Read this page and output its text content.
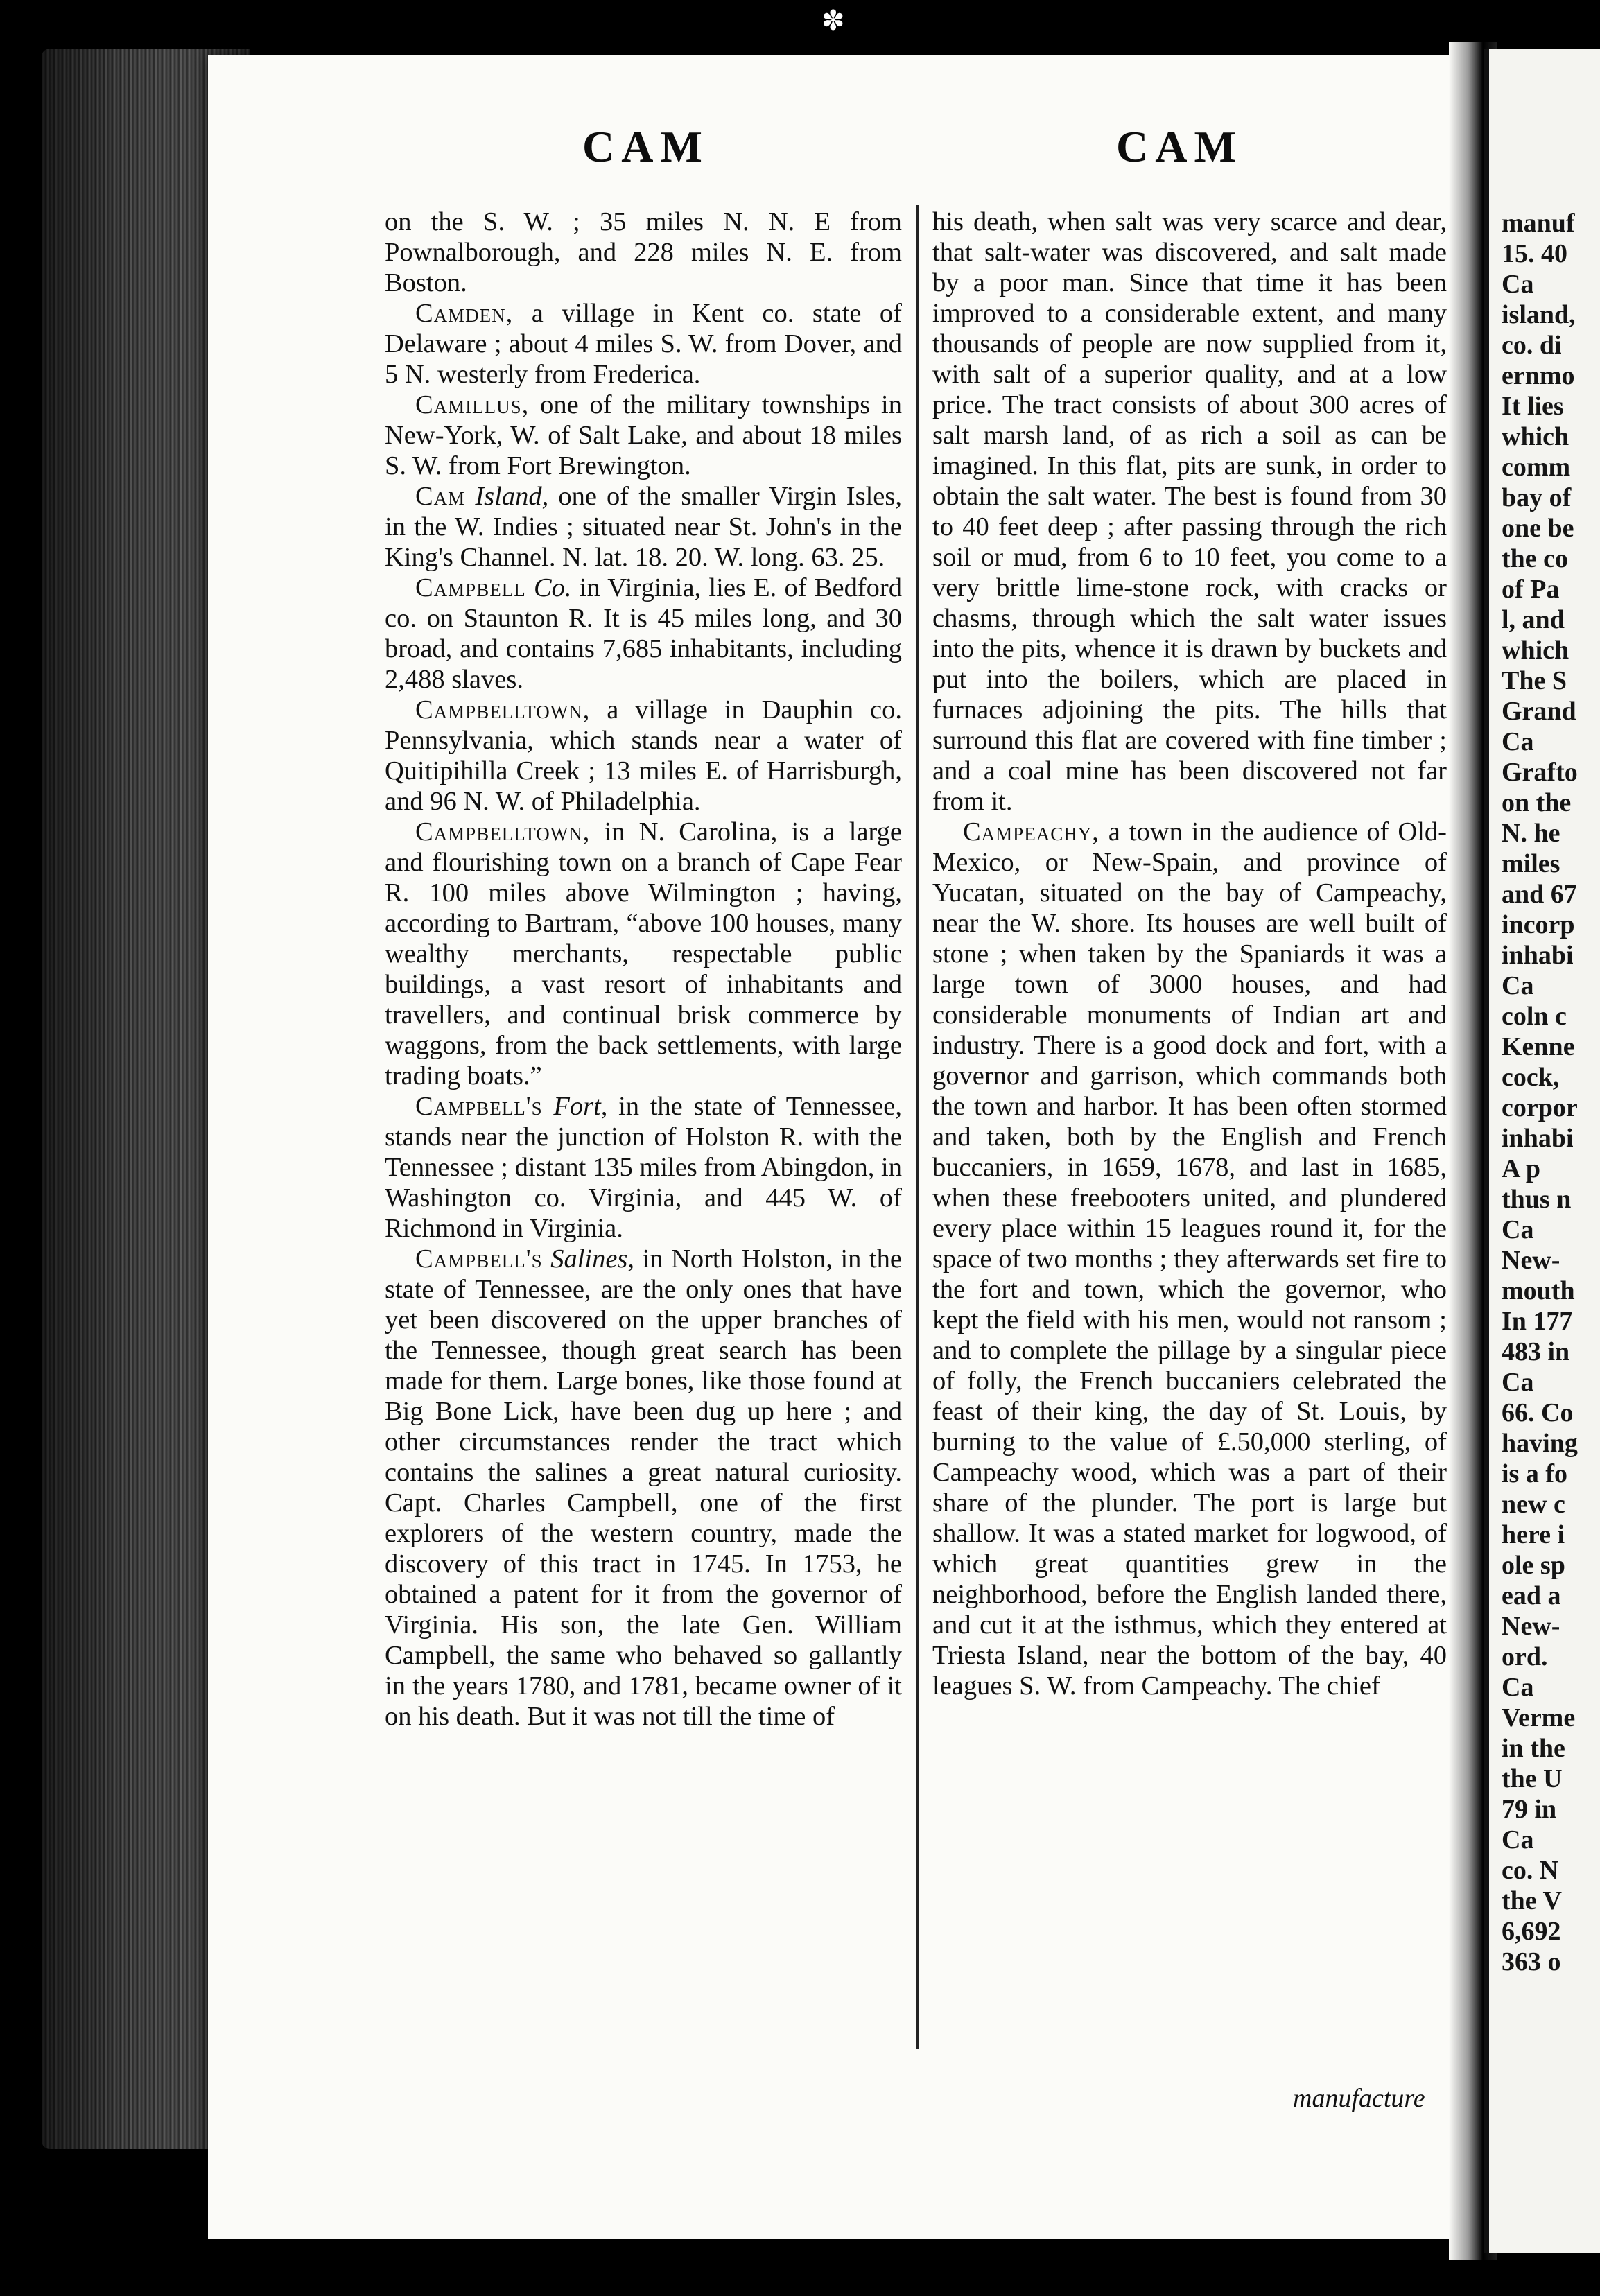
✽
manuf
15. 40
Ca
island,
co. di
ernmo
It lies
which
comm
bay of
one be
the co
of Pa
l, and
which
The S
Grand
Ca
Grafto
on the
N. he
miles
and 67
incorp
inhabi
Ca
coln c
Kenne
cock,
corpor
inhabi
A p
thus n
Ca
New-
mouth
In 177
483 in
Ca
66. Co
having
is a fo
new c
here i
ole sp
ead a
New-
ord.
Ca
Verme
in the
the U
79 in
Ca
co. N
the V
6,692
363 o
CAM	CAM

on the S. W. ; 35 miles N. N. E from Pownalborough, and 228 miles N. E. from Boston.

Camden, a village in Kent co. state of Delaware ; about 4 miles S. W. from Dover, and 5 N. westerly from Frederica.

Camillus, one of the military townships in New-York, W. of Salt Lake, and about 18 miles S. W. from Fort Brewington.

Cam Island, one of the smaller Virgin Isles, in the W. Indies ; situated near St. John's in the King's Channel. N. lat. 18. 20. W. long. 63. 25.

Campbell Co. in Virginia, lies E. of Bedford co. on Staunton R. It is 45 miles long, and 30 broad, and contains 7,685 inhabitants, including 2,488 slaves.

Campbelltown, a village in Dauphin co. Pennsylvania, which stands near a water of Quitipihilla Creek ; 13 miles E. of Harrisburgh, and 96 N. W. of Philadelphia.

Campbelltown, in N. Carolina, is a large and flourishing town on a branch of Cape Fear R. 100 miles above Wilmington ; having, according to Bartram, “above 100 houses, many wealthy merchants, respectable public buildings, a vast resort of inhabitants and travellers, and continual brisk commerce by waggons, from the back settlements, with large trading boats.”

Campbell's Fort, in the state of Tennessee, stands near the junction of Holston R. with the Tennessee ; distant 135 miles from Abingdon, in Washington co. Virginia, and 445 W. of Richmond in Virginia.

Campbell's Salines, in North Holston, in the state of Tennessee, are the only ones that have yet been discovered on the upper branches of the Tennessee, though great search has been made for them. Large bones, like those found at Big Bone Lick, have been dug up here ; and other circumstances render the tract which contains the salines a great natural curiosity. Capt. Charles Campbell, one of the first explorers of the western country, made the discovery of this tract in 1745. In 1753, he obtained a patent for it from the governor of Virginia. His son, the late Gen. William Campbell, the same who behaved so gallantly in the years 1780, and 1781, became owner of it on his death. But it was not till the time of

his death, when salt was very scarce and dear, that salt-water was discovered, and salt made by a poor man. Since that time it has been improved to a considerable extent, and many thousands of people are now supplied from it, with salt of a superior quality, and at a low price. The tract consists of about 300 acres of salt marsh land, of as rich a soil as can be imagined. In this flat, pits are sunk, in order to obtain the salt water. The best is found from 30 to 40 feet deep ; after passing through the rich soil or mud, from 6 to 10 feet, you come to a very brittle lime-stone rock, with cracks or chasms, through which the salt water issues into the pits, whence it is drawn by buckets and put into the boilers, which are placed in furnaces adjoining the pits. The hills that surround this flat are covered with fine timber ; and a coal mine has been discovered not far from it.

Campeachy, a town in the audience of Old-Mexico, or New-Spain, and province of Yucatan, situated on the bay of Campeachy, near the W. shore. Its houses are well built of stone ; when taken by the Spaniards it was a large town of 3000 houses, and had considerable monuments of Indian art and industry. There is a good dock and fort, with a governor and garrison, which commands both the town and harbor. It has been often stormed and taken, both by the English and French buccaniers, in 1659, 1678, and last in 1685, when these freebooters united, and plundered every place within 15 leagues round it, for the space of two months ; they afterwards set fire to the fort and town, which the governor, who kept the field with his men, would not ransom ; and to complete the pillage by a singular piece of folly, the French buccaniers celebrated the feast of their king, the day of St. Louis, by burning to the value of £.50,000 sterling, of Campeachy wood, which was a part of their share of the plunder. The port is large but shallow. It was a stated market for logwood, of which great quantities grew in the neighborhood, before the English landed there, and cut it at the isthmus, which they entered at Triesta Island, near the bottom of the bay, 40 leagues S. W. from Campeachy. The chief

manufacture
